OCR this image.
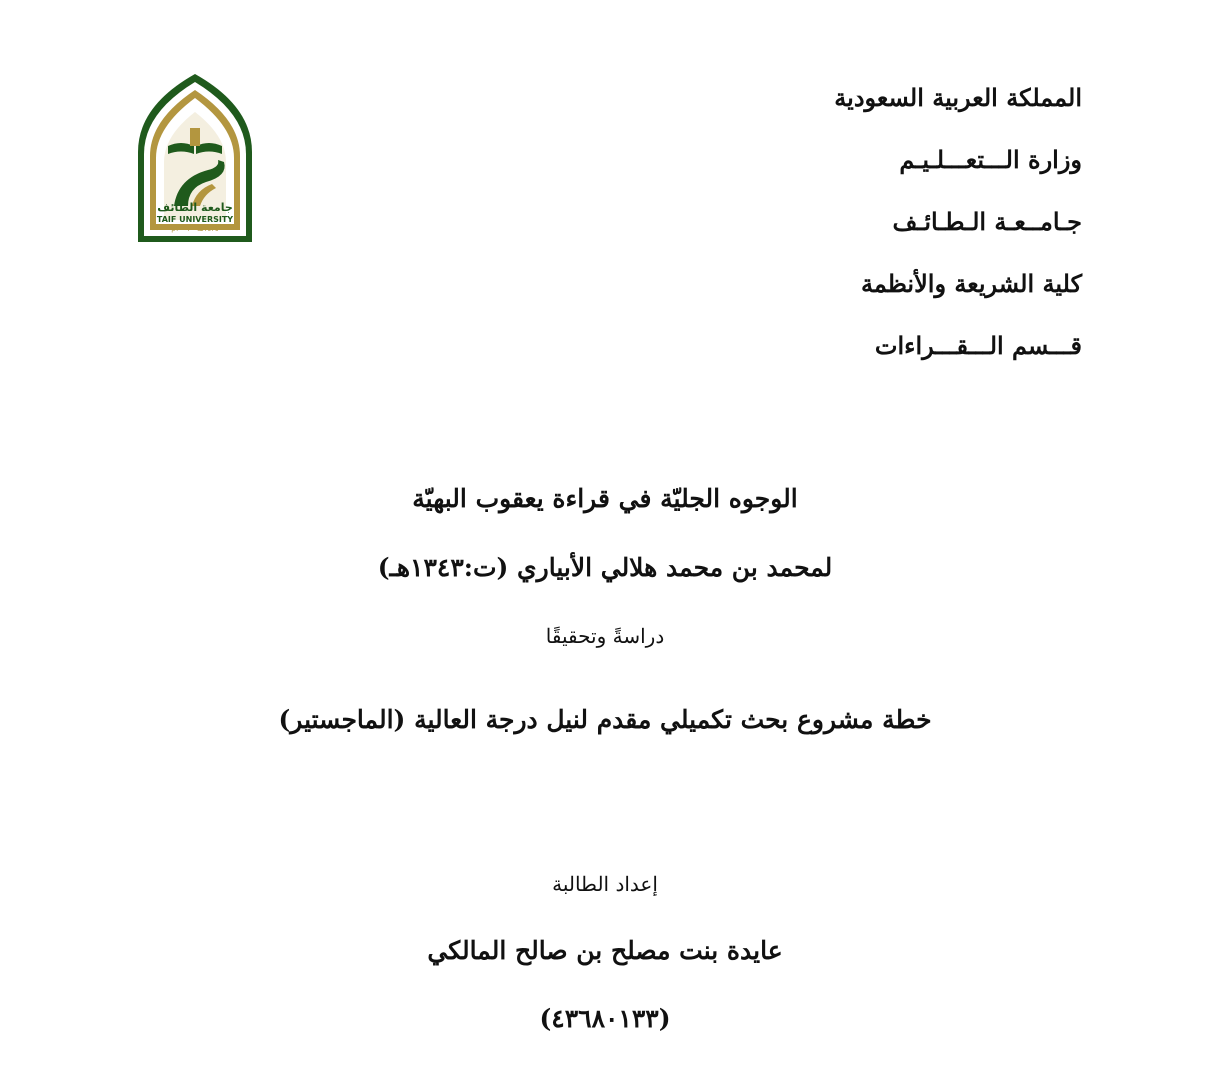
جامعة الطائف
TAIF UNIVERSITY
١٤٢٤هـ - ٢٠٠٣م
المملكة العربية السعودية
وزارة الـــتعـــلـيـم
جـامــعـة الـطـائـف
كلية الشريعة والأنظمة
قـــسم الـــقـــراءات
الوجوه الجليّة في قراءة يعقوب البهيّة
لمحمد بن محمد هلالي الأبياري (ت:١٣٤٣هـ)
دراسةً وتحقيقًا
خطة مشروع بحث تكميلي مقدم لنيل درجة العالية (الماجستير)
إعداد الطالبة
عايدة بنت مصلح بن صالح المالكي
(٤٣٦٨٠١٣٣)
